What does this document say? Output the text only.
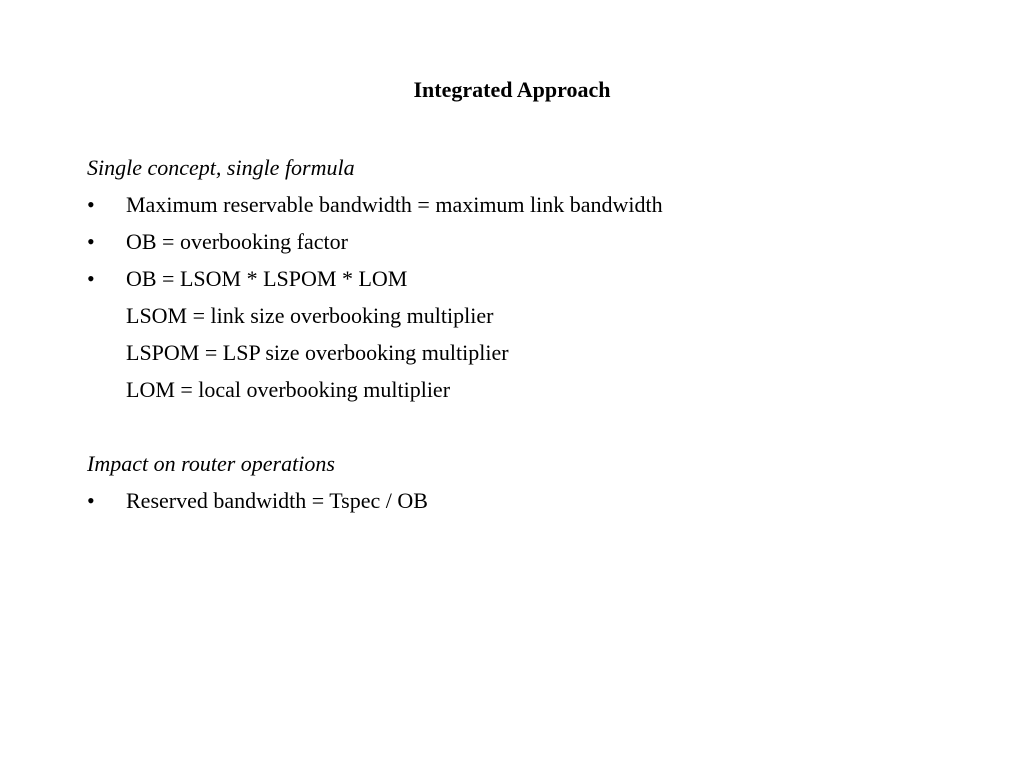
Integrated Approach
Single concept, single formula
•	Maximum reservable bandwidth = maximum link bandwidth
•	OB = overbooking factor
•	OB = LSOM * LSPOM * LOM
LSOM = link size overbooking multiplier
LSPOM = LSP size overbooking multiplier
LOM = local overbooking multiplier
Impact on router operations
•	Reserved bandwidth = Tspec / OB
